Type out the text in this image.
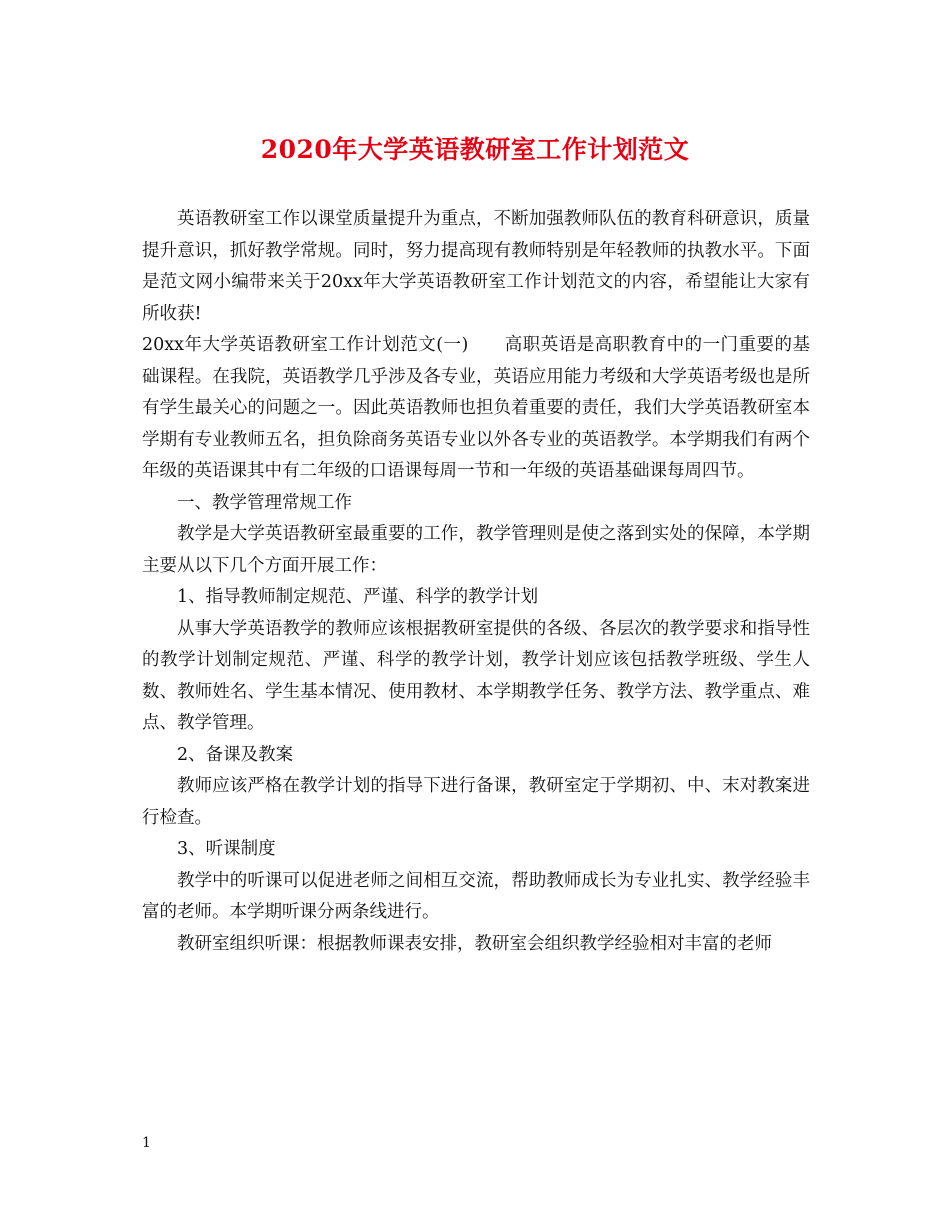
2020年大学英语教研室工作计划范文

英语教研室工作以课堂质量提升为重点，不断加强教师队伍的教育科研意识，质量提升意识，抓好教学常规。同时，努力提高现有教师特别是年轻教师的执教水平。下面是范文网小编带来关于20xx年大学英语教研室工作计划范文的内容，希望能让大家有所收获!

20xx年大学英语教研室工作计划范文(一)　　高职英语是高职教育中的一门重要的基础课程。在我院，英语教学几乎涉及各专业，英语应用能力考级和大学英语考级也是所有学生最关心的问题之一。因此英语教师也担负着重要的责任，我们大学英语教研室本学期有专业教师五名，担负除商务英语专业以外各专业的英语教学。本学期我们有两个年级的英语课其中有二年级的口语课每周一节和一年级的英语基础课每周四节。

一、教学管理常规工作

教学是大学英语教研室最重要的工作，教学管理则是使之落到实处的保障，本学期主要从以下几个方面开展工作：

1、指导教师制定规范、严谨、科学的教学计划

从事大学英语教学的教师应该根据教研室提供的各级、各层次的教学要求和指导性的教学计划制定规范、严谨、科学的教学计划，教学计划应该包括教学班级、学生人数、教师姓名、学生基本情况、使用教材、本学期教学任务、教学方法、教学重点、难点、教学管理。

2、备课及教案

教师应该严格在教学计划的指导下进行备课，教研室定于学期初、中、末对教案进行检查。

3、听课制度

教学中的听课可以促进老师之间相互交流，帮助教师成长为专业扎实、教学经验丰富的老师。本学期听课分两条线进行。

教研室组织听课：根据教师课表安排，教研室会组织教学经验相对丰富的老师

1
